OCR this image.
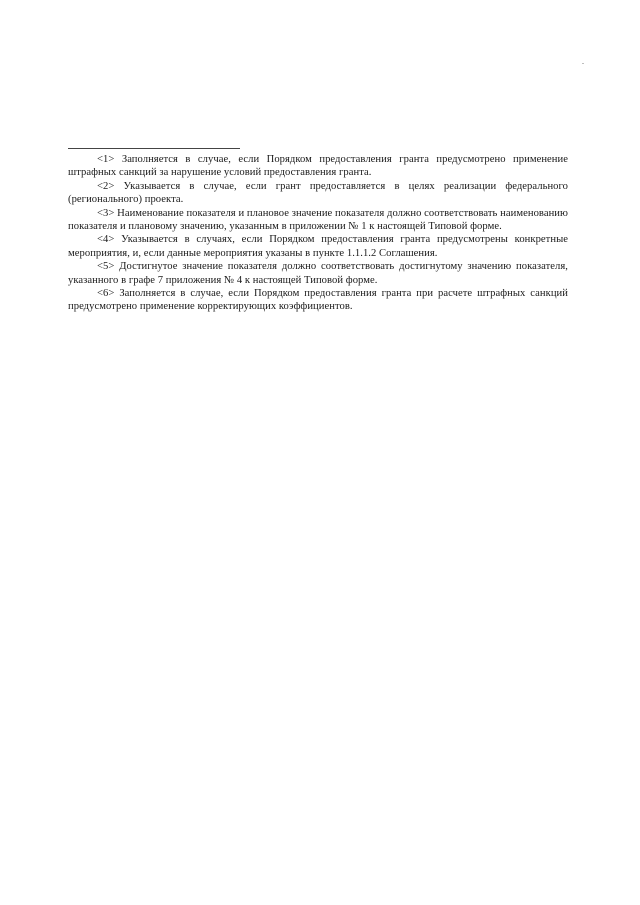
.

<1> Заполняется в случае, если Порядком предоставления гранта предусмотрено применение штрафных санкций за нарушение условий предоставления гранта.

<2> Указывается в случае, если грант предоставляется в целях реализации федерального (регионального) проекта.

<3> Наименование показателя и плановое значение показателя должно соответствовать наименованию показателя и плановому значению, указанным в приложении № 1 к настоящей Типовой форме.

<4> Указывается в случаях, если Порядком предоставления гранта предусмотрены конкретные мероприятия, и, если данные мероприятия указаны в пункте 1.1.1.2 Соглашения.

<5> Достигнутое значение показателя должно соответствовать достигнутому значению показателя, указанного в графе 7 приложения № 4 к настоящей Типовой форме.

<6> Заполняется в случае, если Порядком предоставления гранта при расчете штрафных санкций предусмотрено применение корректирующих коэффициентов.
